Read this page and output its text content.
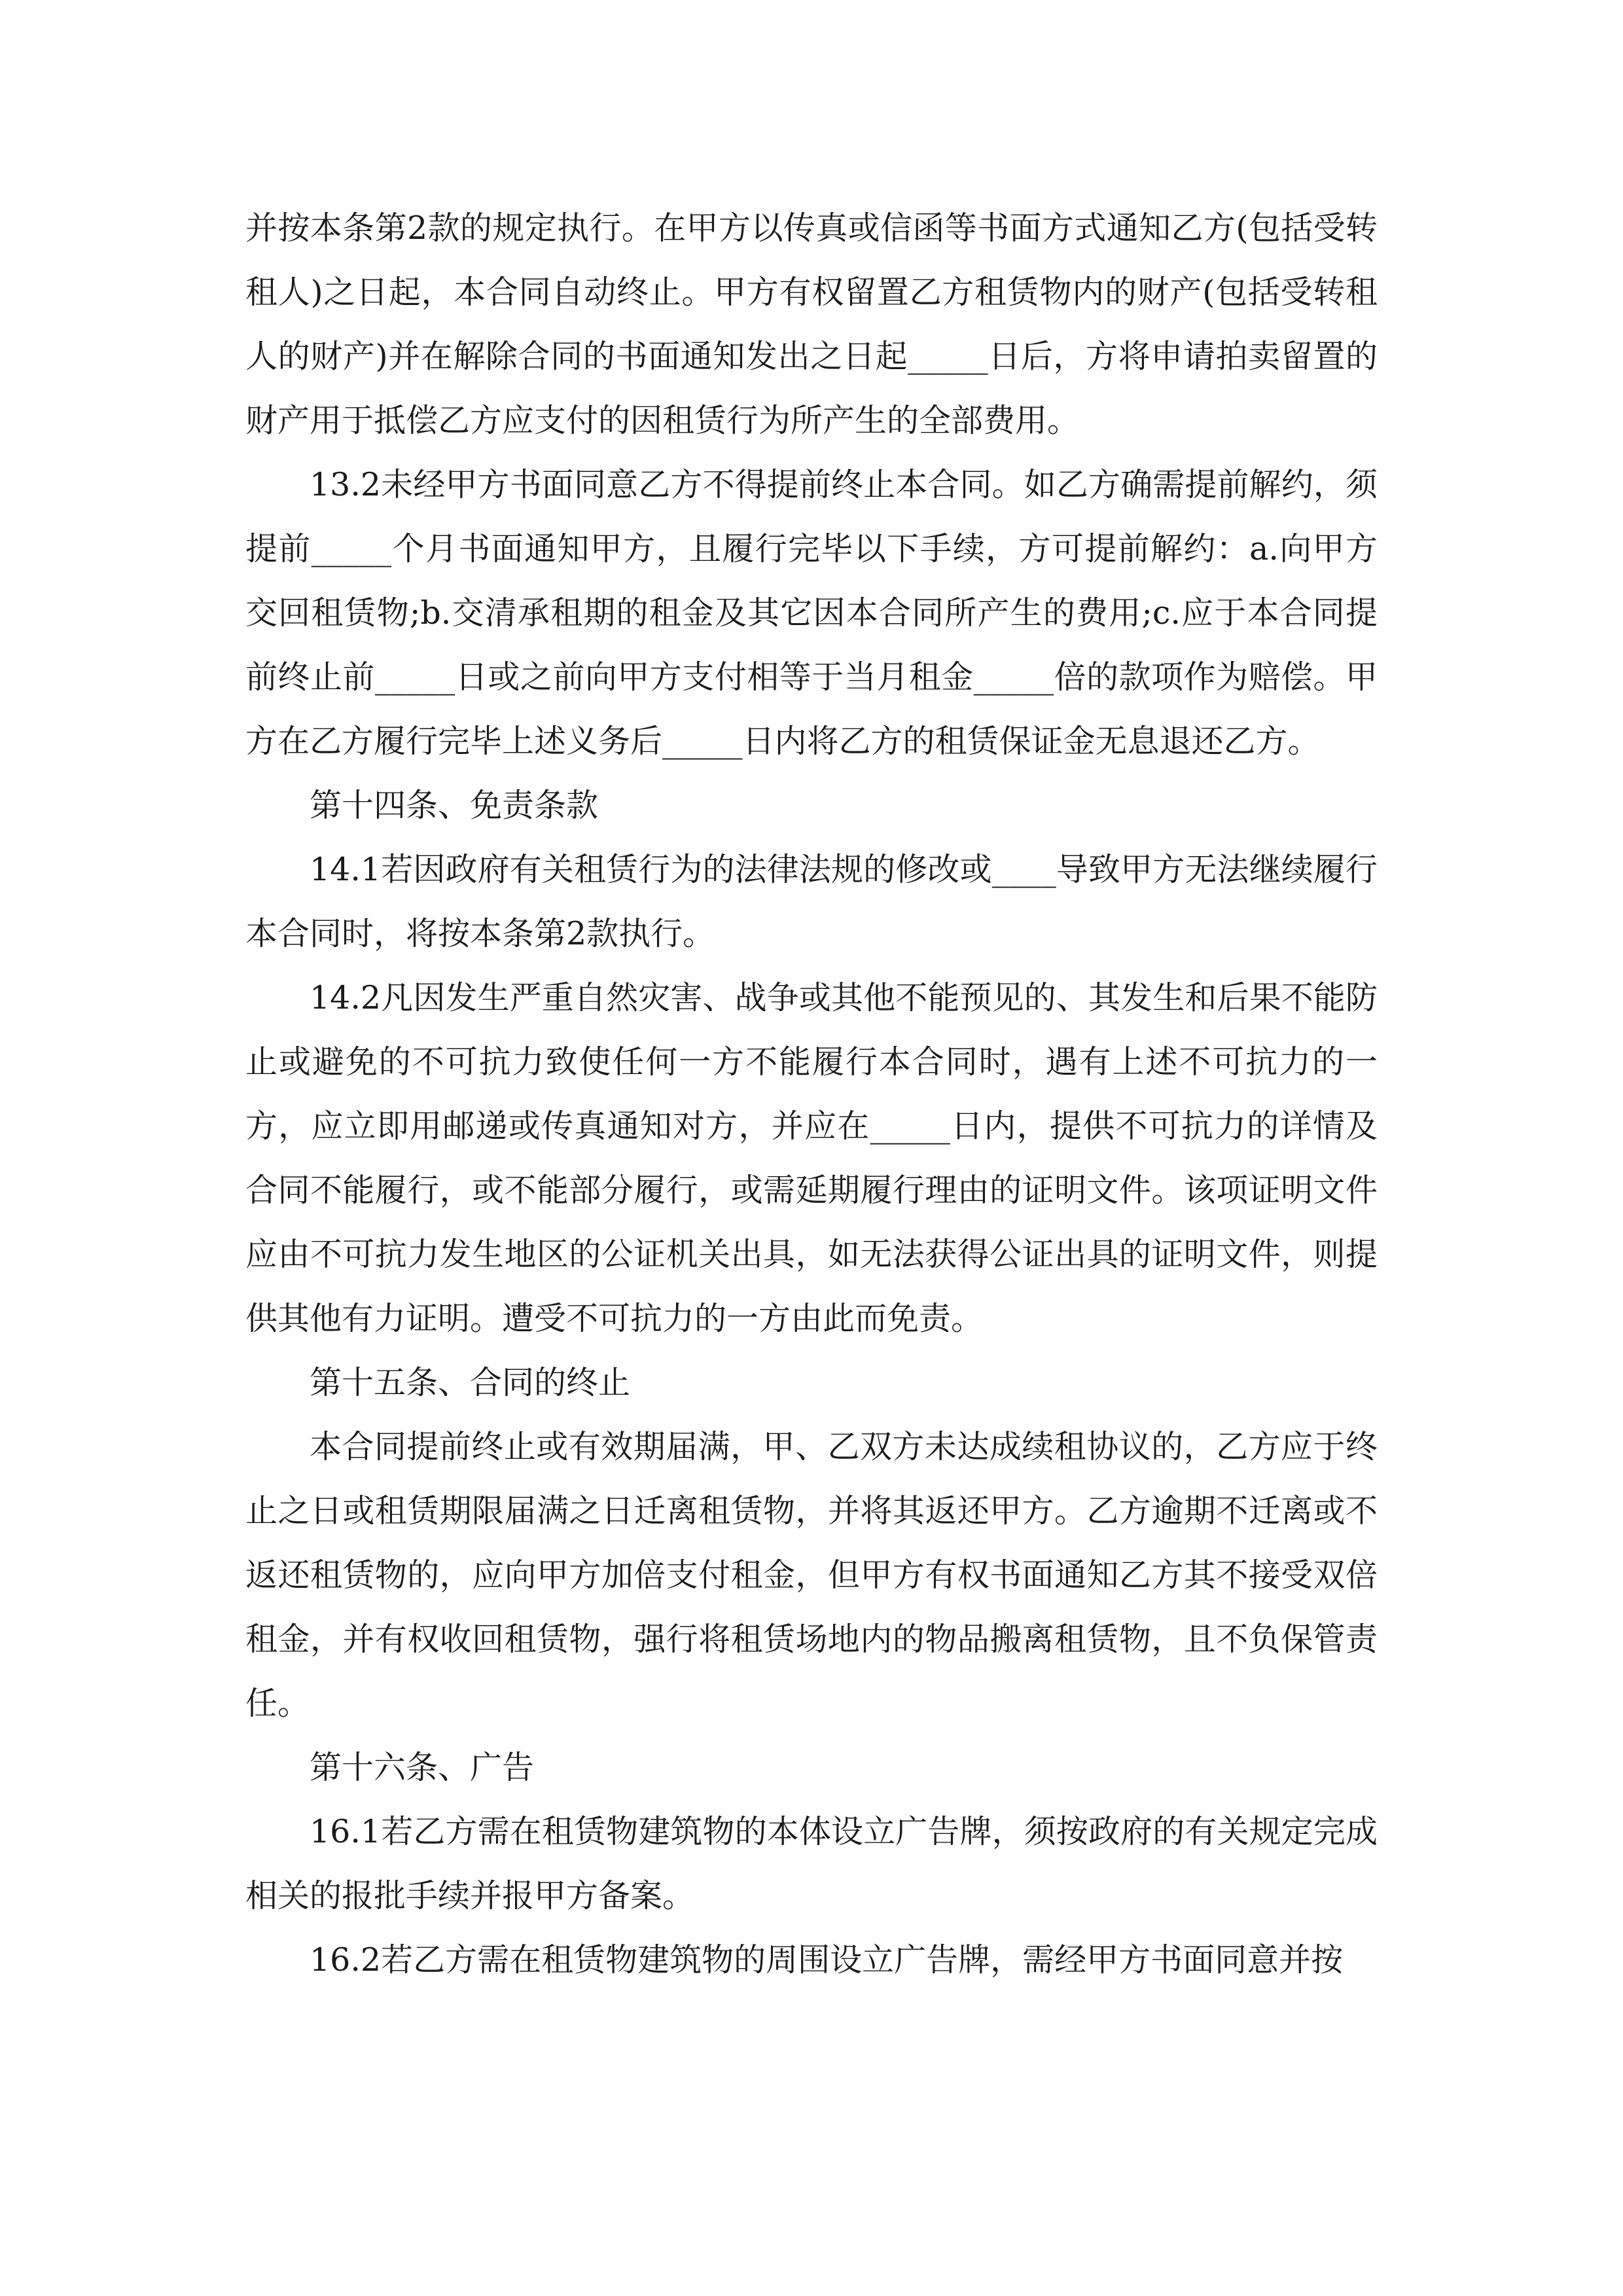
并按本条第2款的规定执行。在甲方以传真或信函等书面方式通知乙方(包括受转租人)之日起，本合同自动终止。甲方有权留置乙方租赁物内的财产(包括受转租人的财产)并在解除合同的书面通知发出之日起_____日后，方将申请拍卖留置的财产用于抵偿乙方应支付的因租赁行为所产生的全部费用。

13.2未经甲方书面同意乙方不得提前终止本合同。如乙方确需提前解约，须提前_____个月书面通知甲方，且履行完毕以下手续，方可提前解约：a.向甲方交回租赁物;b.交清承租期的租金及其它因本合同所产生的费用;c.应于本合同提前终止前_____日或之前向甲方支付相等于当月租金_____倍的款项作为赔偿。甲方在乙方履行完毕上述义务后_____日内将乙方的租赁保证金无息退还乙方。

第十四条、免责条款

14.1若因政府有关租赁行为的法律法规的修改或____导致甲方无法继续履行本合同时，将按本条第2款执行。

14.2凡因发生严重自然灾害、战争或其他不能预见的、其发生和后果不能防止或避免的不可抗力致使任何一方不能履行本合同时，遇有上述不可抗力的一方，应立即用邮递或传真通知对方，并应在_____日内，提供不可抗力的详情及合同不能履行，或不能部分履行，或需延期履行理由的证明文件。该项证明文件应由不可抗力发生地区的公证机关出具，如无法获得公证出具的证明文件，则提供其他有力证明。遭受不可抗力的一方由此而免责。

第十五条、合同的终止

本合同提前终止或有效期届满，甲、乙双方未达成续租协议的，乙方应于终止之日或租赁期限届满之日迁离租赁物，并将其返还甲方。乙方逾期不迁离或不返还租赁物的，应向甲方加倍支付租金，但甲方有权书面通知乙方其不接受双倍租金，并有权收回租赁物，强行将租赁场地内的物品搬离租赁物，且不负保管责任。

第十六条、广告

16.1若乙方需在租赁物建筑物的本体设立广告牌，须按政府的有关规定完成相关的报批手续并报甲方备案。

16.2若乙方需在租赁物建筑物的周围设立广告牌，需经甲方书面同意并按
